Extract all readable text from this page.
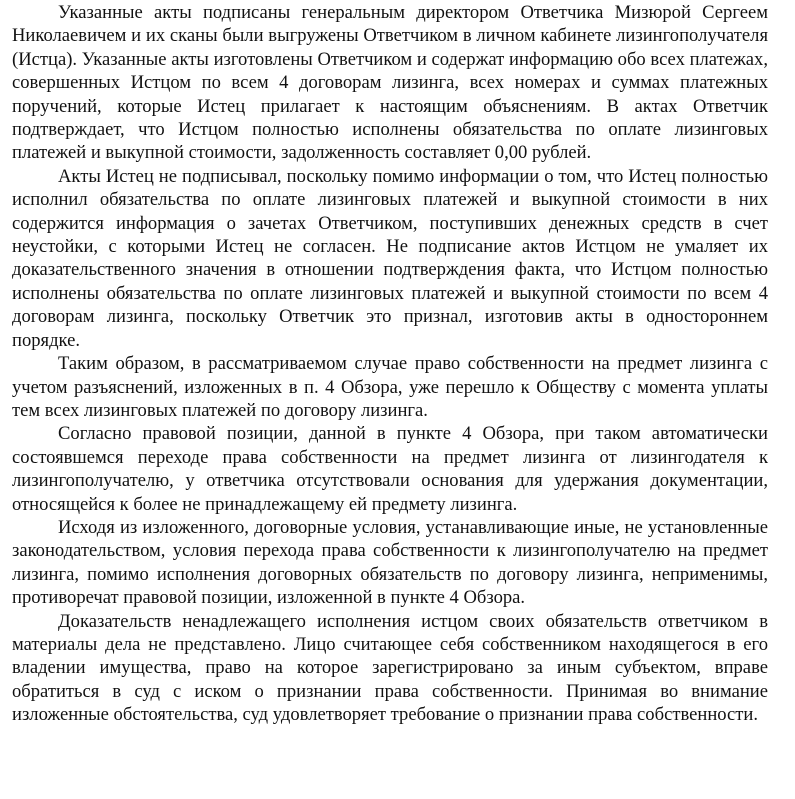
Указанные акты подписаны генеральным директором Ответчика Мизюрой Сергеем Николаевичем и их сканы были выгружены Ответчиком в личном кабинете лизингополучателя (Истца). Указанные акты изготовлены Ответчиком и содержат информацию обо всех платежах, совершенных Истцом по всем 4 договорам лизинга, всех номерах и суммах платежных поручений, которые Истец прилагает к настоящим объяснениям. В актах Ответчик подтверждает, что Истцом полностью исполнены обязательства по оплате лизинговых платежей и выкупной стоимости, задолженность составляет 0,00 рублей.

Акты Истец не подписывал, поскольку помимо информации о том, что Истец полностью исполнил обязательства по оплате лизинговых платежей и выкупной стоимости в них содержится информация о зачетах Ответчиком, поступивших денежных средств в счет неустойки, с которыми Истец не согласен. Не подписание актов Истцом не умаляет их доказательственного значения в отношении подтверждения факта, что Истцом полностью исполнены обязательства по оплате лизинговых платежей и выкупной стоимости по всем 4 договорам лизинга, поскольку Ответчик это признал, изготовив акты в одностороннем порядке.

Таким образом, в рассматриваемом случае право собственности на предмет лизинга с учетом разъяснений, изложенных в п. 4 Обзора, уже перешло к Обществу с момента уплаты тем всех лизинговых платежей по договору лизинга.

Согласно правовой позиции, данной в пункте 4 Обзора, при таком автоматически состоявшемся переходе права собственности на предмет лизинга от лизингодателя к лизингополучателю, у ответчика отсутствовали основания для удержания документации, относящейся к более не принадлежащему ей предмету лизинга.

Исходя из изложенного, договорные условия, устанавливающие иные, не установленные законодательством, условия перехода права собственности к лизингополучателю на предмет лизинга, помимо исполнения договорных обязательств по договору лизинга, неприменимы, противоречат правовой позиции, изложенной в пункте 4 Обзора.

Доказательств ненадлежащего исполнения истцом своих обязательств ответчиком в материалы дела не представлено. Лицо считающее себя собственником находящегося в его владении имущества, право на которое зарегистрировано за иным субъектом, вправе обратиться в суд с иском о признании права собственности. Принимая во внимание изложенные обстоятельства, суд удовлетворяет требование о признании права собственности.
